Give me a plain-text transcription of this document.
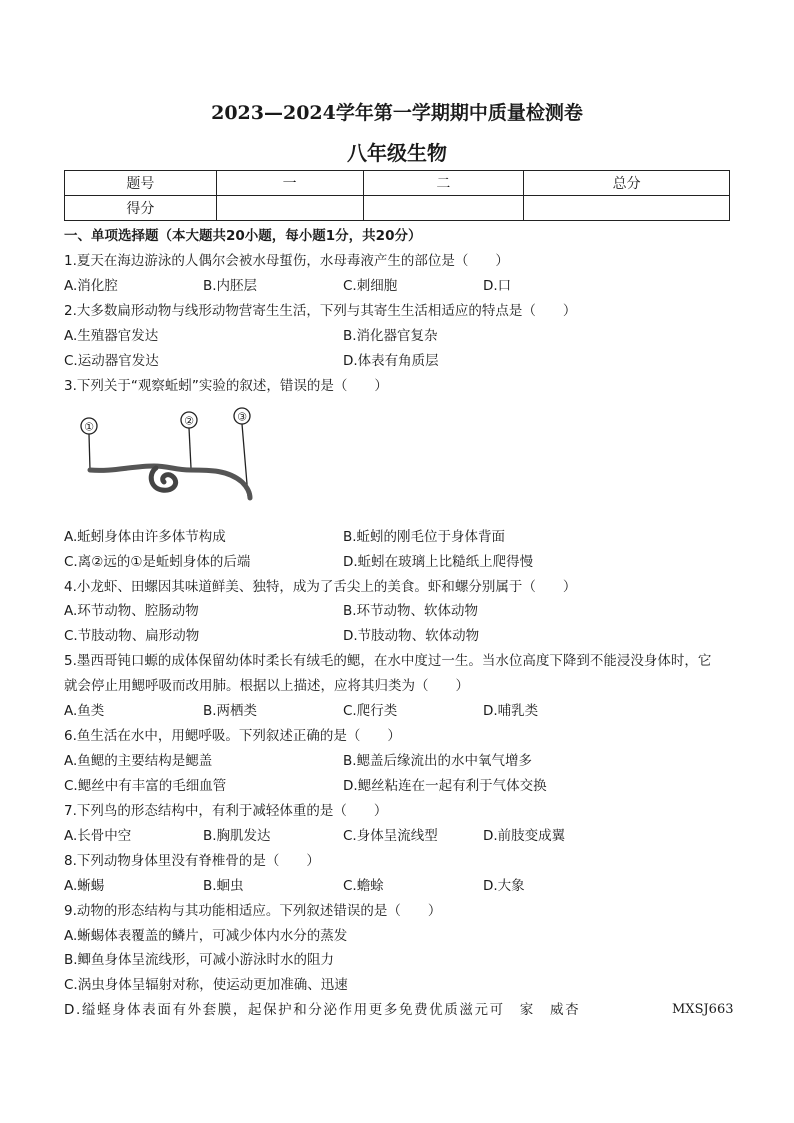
2023—2024学年第一学期期中质量检测卷
八年级生物
题号	一	二	总分
得分			
一、单项选择题（本大题共20小题，每小题1分，共20分）
1.夏天在海边游泳的人偶尔会被水母蜇伤，水母毒液产生的部位是（　　）
A.消化腔	B.内胚层	C.刺细胞	D.口
2.大多数扁形动物与线形动物营寄生生活，下列与其寄生生活相适应的特点是（　　）
A.生殖器官发达	B.消化器官复杂
C.运动器官发达	D.体表有角质层
3.下列关于“观察蚯蚓”实验的叙述，错误的是（　　）
①	②	③
A.蚯蚓身体由许多体节构成	B.蚯蚓的刚毛位于身体背面
C.离②远的①是蚯蚓身体的后端	D.蚯蚓在玻璃上比糙纸上爬得慢
4.小龙虾、田螺因其味道鲜美、独特，成为了舌尖上的美食。虾和螺分别属于（　　）
A.环节动物、腔肠动物	B.环节动物、软体动物
C.节肢动物、扁形动物	D.节肢动物、软体动物
5.墨西哥钝口螈的成体保留幼体时柔长有绒毛的鳃，在水中度过一生。当水位高度下降到不能浸没身体时，它
就会停止用鳃呼吸而改用肺。根据以上描述，应将其归类为（　　）
A.鱼类	B.两栖类	C.爬行类	D.哺乳类
6.鱼生活在水中，用鳃呼吸。下列叙述正确的是（　　）
A.鱼鳃的主要结构是鳃盖	B.鳃盖后缘流出的水中氧气增多
C.鳃丝中有丰富的毛细血管	D.鳃丝粘连在一起有利于气体交换
7.下列鸟的形态结构中，有利于减轻体重的是（　　）
A.长骨中空	B.胸肌发达	C.身体呈流线型	D.前肢变成翼
8.下列动物身体里没有脊椎骨的是（　　）
A.蜥蜴	B.蛔虫	C.蟾蜍	D.大象
9.动物的形态结构与其功能相适应。下列叙述错误的是（　　）
A.蜥蜴体表覆盖的鳞片，可减少体内水分的蒸发
B.鲫鱼身体呈流线形，可减小游泳时水的阻力
C.涡虫身体呈辐射对称，使运动更加准确、迅速
D.缢蛏身体表面有外套膜，起保护和分泌作用更多免费优质滋元可　家　威杏	MXSJ663
